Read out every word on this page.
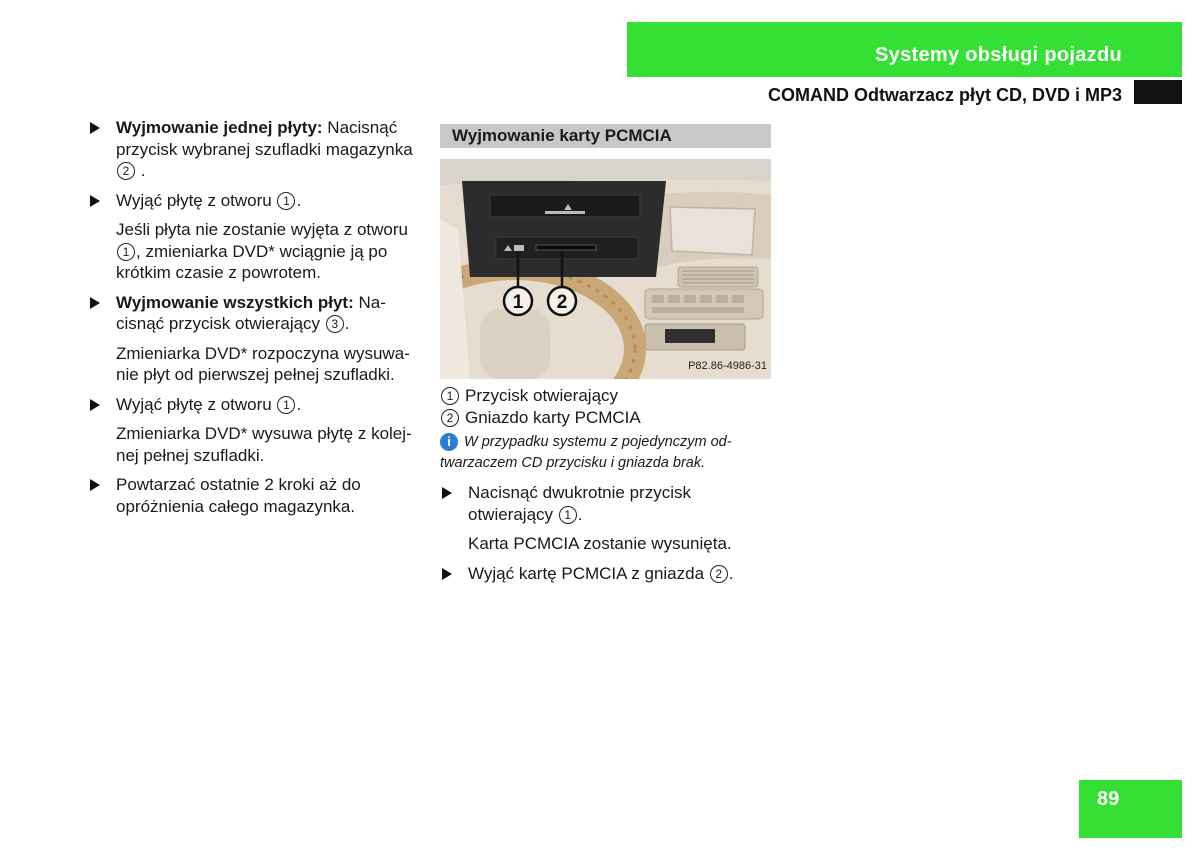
Systemy obsługi pojazdu
COMAND Odtwarzacz płyt CD, DVD i MP3
Wyjmowanie jednej płyty: Nacisnąć przycisk wybranej szufladki magazynka 2 .
Wyjąć płytę z otworu 1 .
Jeśli płyta nie zostanie wyjęta z otworu 1 , zmieniarka DVD* wciągnie ją po krótkim czasie z powrotem.
Wyjmowanie wszystkich płyt: Na-cisnąć przycisk otwierający 3 .
Zmieniarka DVD* rozpoczyna wysuwa-nie płyt od pierwszej pełnej szufladki.
Wyjąć płytę z otworu 1 .
Zmieniarka DVD* wysuwa płytę z kolej-nej pełnej szufladki.
Powtarzać ostatnie 2 kroki aż do opróżnienia całego magazynka.
Wyjmowanie karty PCMCIA
1 2
P82.86-4986-31
1 Przycisk otwierający
2 Gniazdo karty PCMCIA
i W przypadku systemu z pojedynczym od-twarzaczem CD przycisku i gniazda brak.
Nacisnąć dwukrotnie przycisk otwierający 1 .
Karta PCMCIA zostanie wysunięta.
Wyjąć kartę PCMCIA z gniazda 2 .
89
